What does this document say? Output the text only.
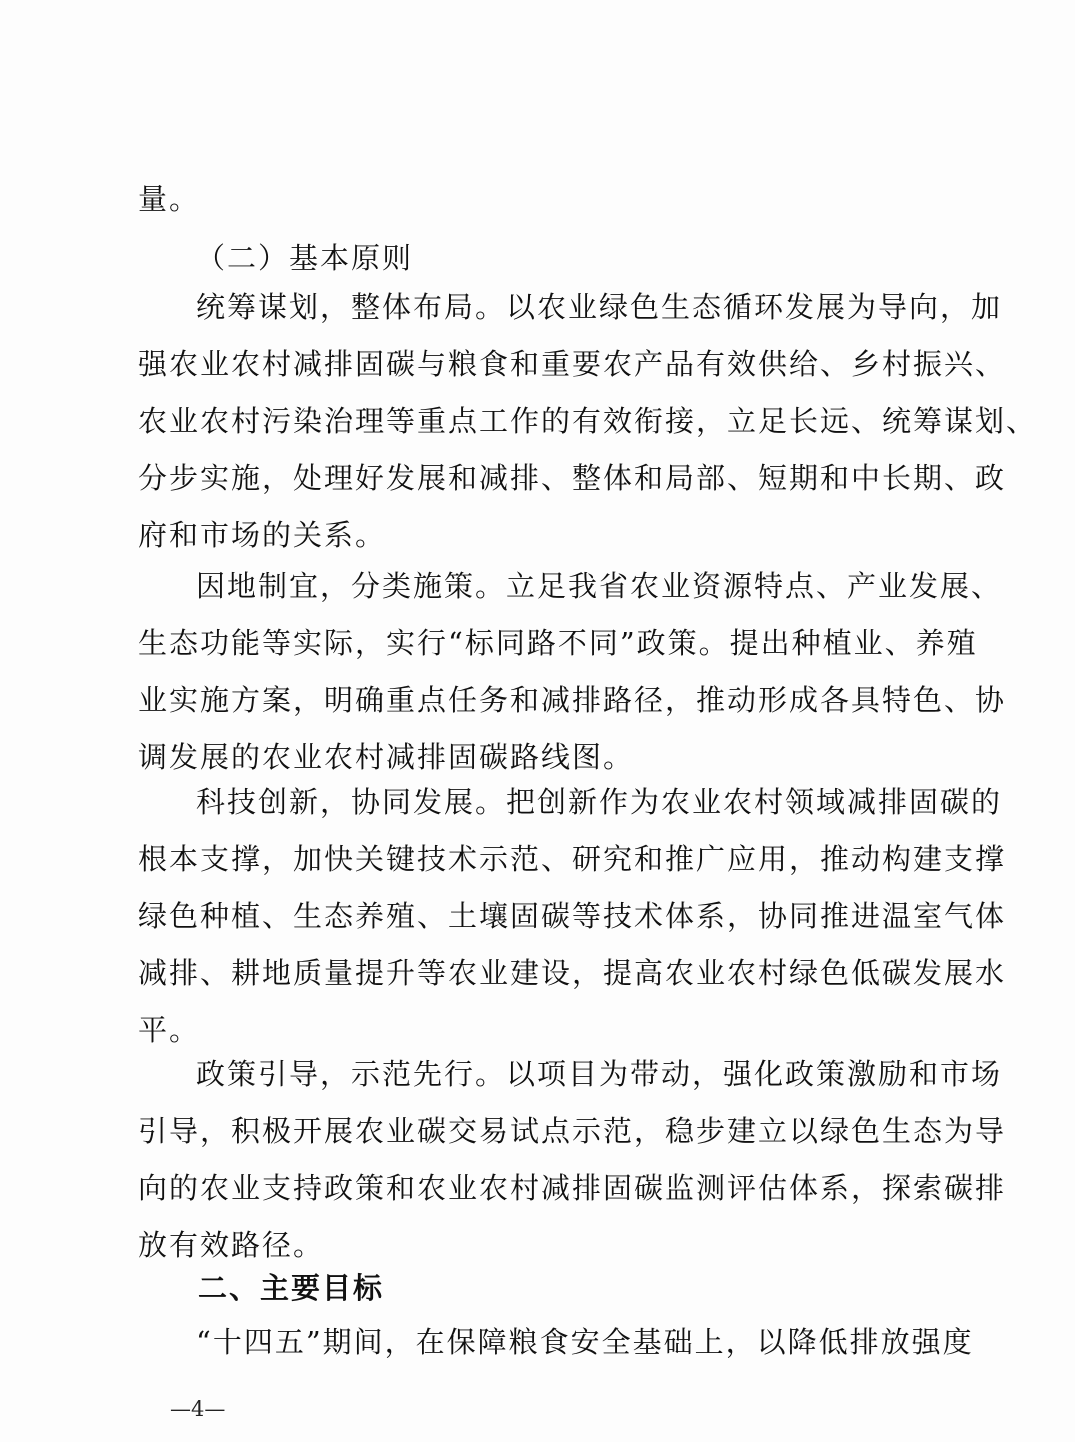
量。
（二）基本原则
统筹谋划，整体布局。以农业绿色生态循环发展为导向，加
强农业农村减排固碳与粮食和重要农产品有效供给、乡村振兴、
农业农村污染治理等重点工作的有效衔接，立足长远、统筹谋划、
分步实施，处理好发展和减排、整体和局部、短期和中长期、政
府和市场的关系。
因地制宜，分类施策。立足我省农业资源特点、产业发展、
生态功能等实际，实行“标同路不同”政策。提出种植业、养殖
业实施方案，明确重点任务和减排路径，推动形成各具特色、协
调发展的农业农村减排固碳路线图。
科技创新，协同发展。把创新作为农业农村领域减排固碳的
根本支撑，加快关键技术示范、研究和推广应用，推动构建支撑
绿色种植、生态养殖、土壤固碳等技术体系，协同推进温室气体
减排、耕地质量提升等农业建设，提高农业农村绿色低碳发展水
平。
政策引导，示范先行。以项目为带动，强化政策激励和市场
引导，积极开展农业碳交易试点示范，稳步建立以绿色生态为导
向的农业支持政策和农业农村减排固碳监测评估体系，探索碳排
放有效路径。
二、主要目标
“十四五”期间，在保障粮食安全基础上，以降低排放强度
—4—
